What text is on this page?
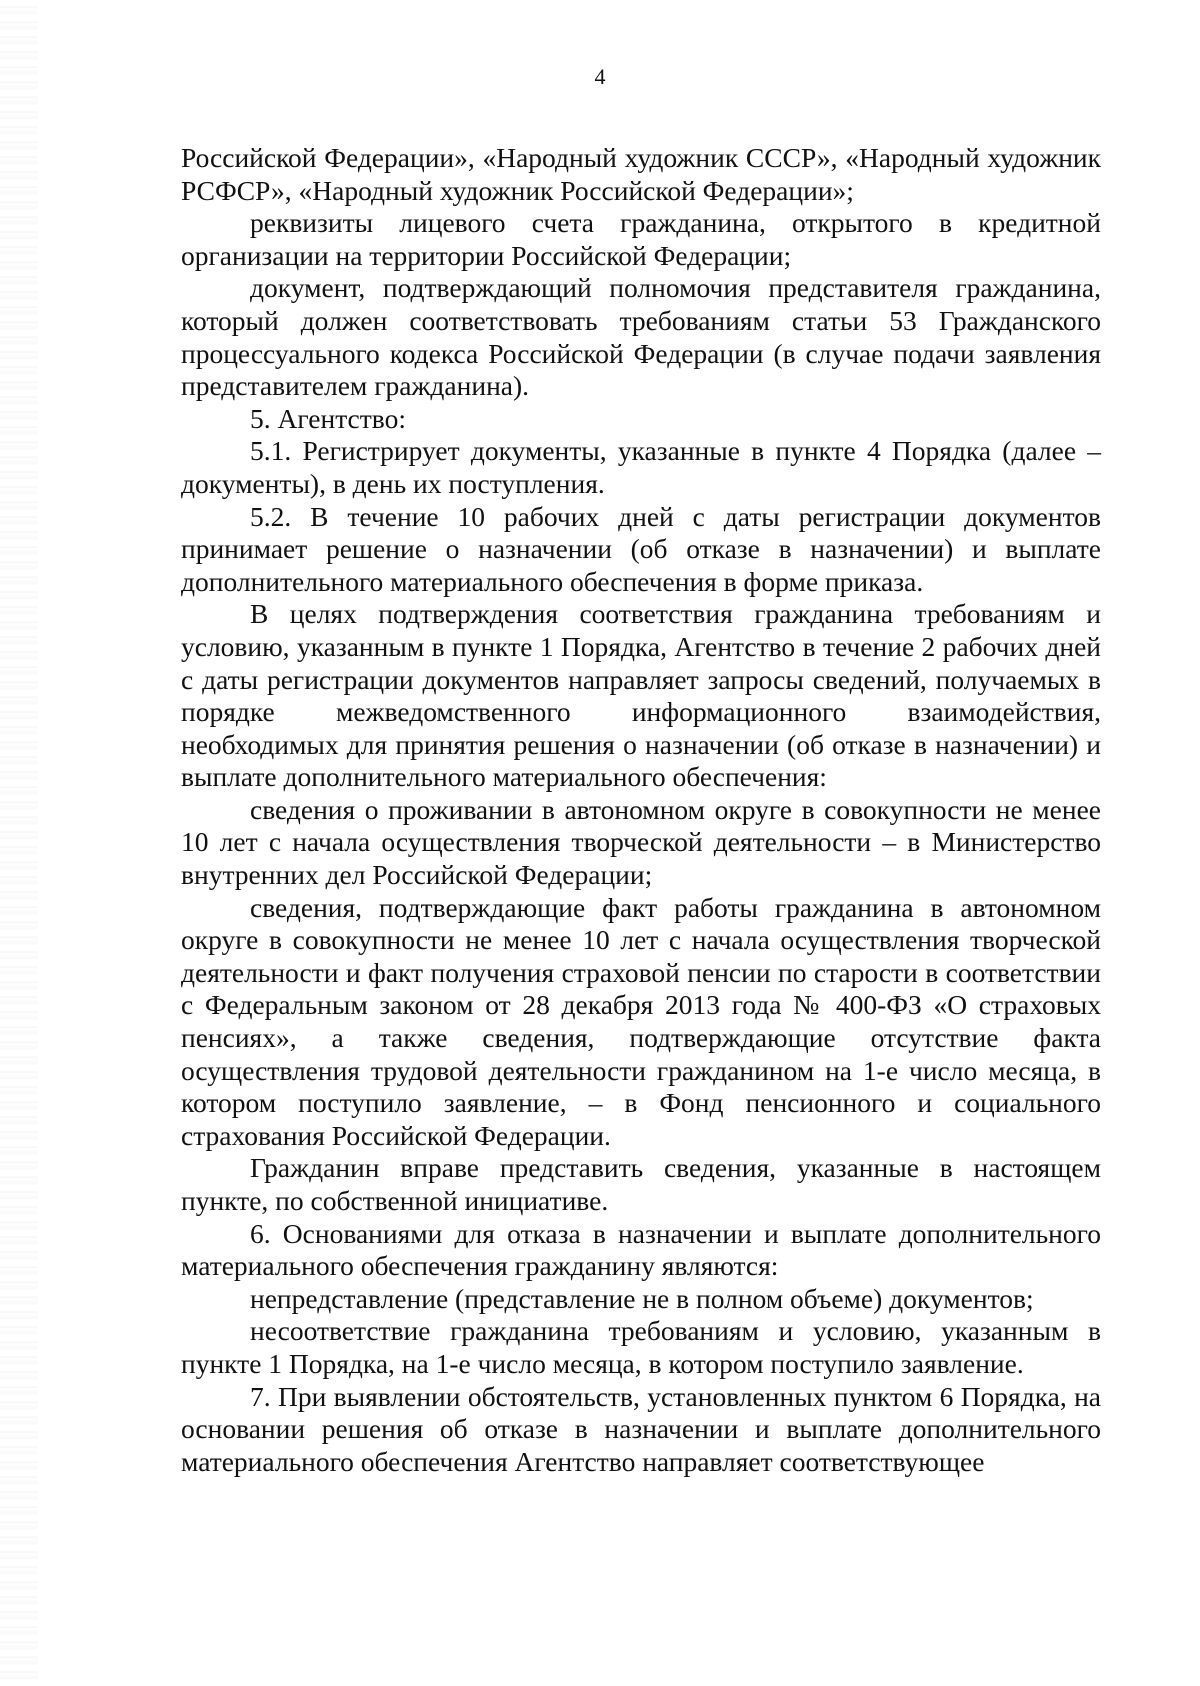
4

Российской Федерации», «Народный художник СССР», «Народный художник РСФСР», «Народный художник Российской Федерации»;

реквизиты лицевого счета гражданина, открытого в кредитной организации на территории Российской Федерации;

документ, подтверждающий полномочия представителя гражданина, который должен соответствовать требованиям статьи 53 Гражданского процессуального кодекса Российской Федерации (в случае подачи заявления представителем гражданина).

5. Агентство:

5.1. Регистрирует документы, указанные в пункте 4 Порядка (далее – документы), в день их поступления.

5.2. В течение 10 рабочих дней с даты регистрации документов принимает решение о назначении (об отказе в назначении) и выплате дополнительного материального обеспечения в форме приказа.

В целях подтверждения соответствия гражданина требованиям и условию, указанным в пункте 1 Порядка, Агентство в течение 2 рабочих дней с даты регистрации документов направляет запросы сведений, получаемых в порядке межведомственного информационного взаимодействия, необходимых для принятия решения о назначении (об отказе в назначении) и выплате дополнительного материального обеспечения:

сведения о проживании в автономном округе в совокупности не менее 10 лет с начала осуществления творческой деятельности – в Министерство внутренних дел Российской Федерации;

сведения, подтверждающие факт работы гражданина в автономном округе в совокупности не менее 10 лет с начала осуществления творческой деятельности и факт получения страховой пенсии по старости в соответствии с Федеральным законом от 28 декабря 2013 года № 400-ФЗ «О страховых пенсиях», а также сведения, подтверждающие отсутствие факта осуществления трудовой деятельности гражданином на 1-е число месяца, в котором поступило заявление, – в Фонд пенсионного и социального страхования Российской Федерации.

Гражданин вправе представить сведения, указанные в настоящем пункте, по собственной инициативе.

6. Основаниями для отказа в назначении и выплате дополнительного материального обеспечения гражданину являются:

непредставление (представление не в полном объеме) документов;

несоответствие гражданина требованиям и условию, указанным в пункте 1 Порядка, на 1-е число месяца, в котором поступило заявление.

7. При выявлении обстоятельств, установленных пунктом 6 Порядка, на основании решения об отказе в назначении и выплате дополнительного материального обеспечения Агентство направляет соответствующее
